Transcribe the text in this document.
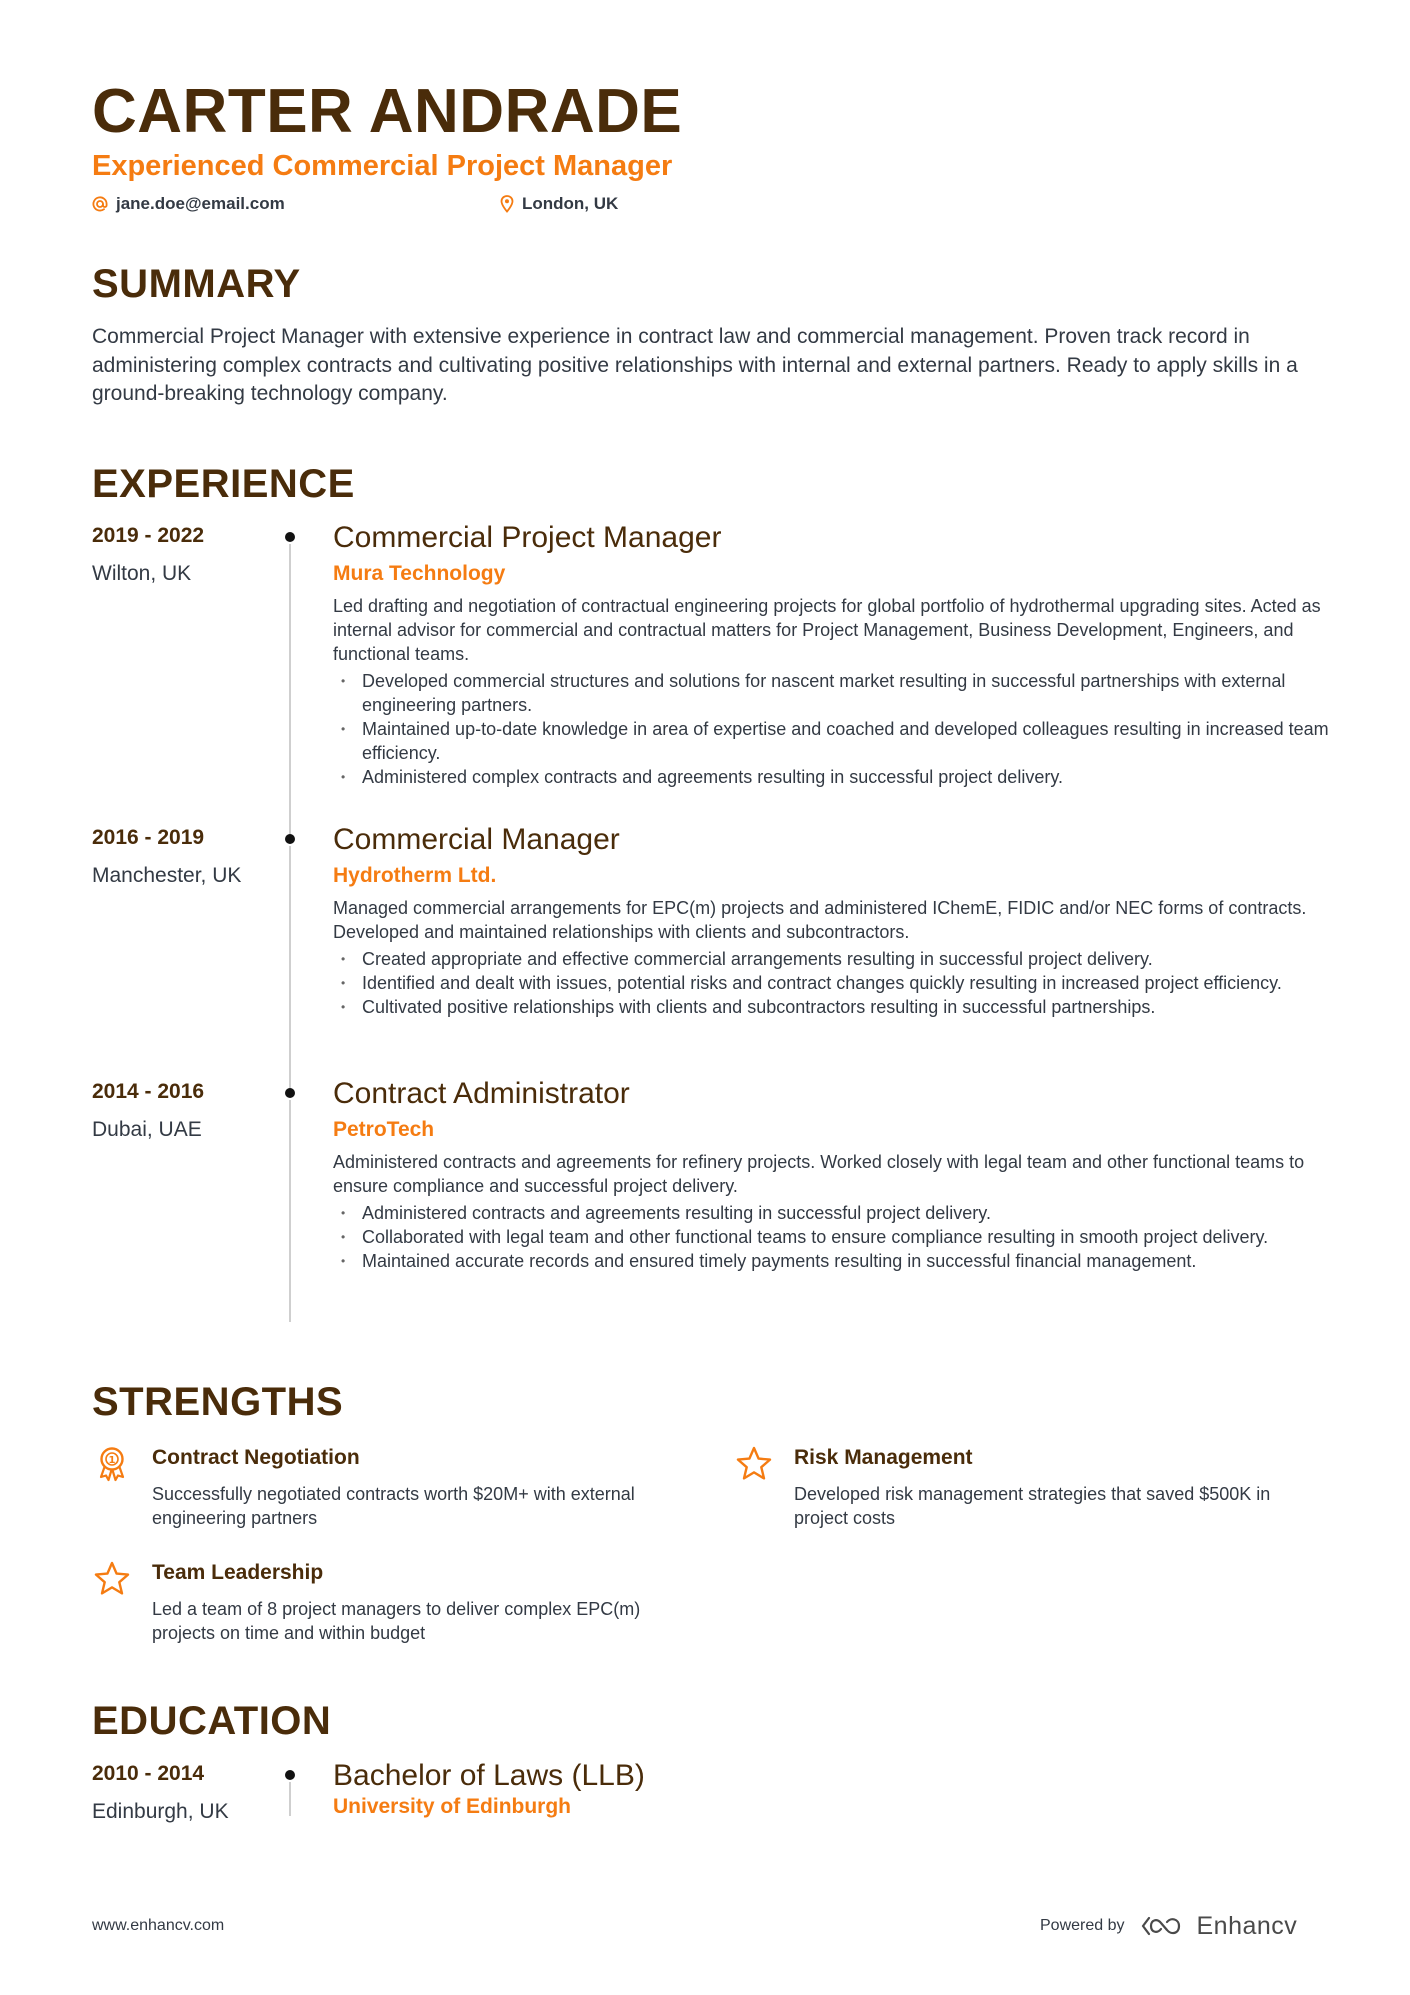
CARTER ANDRADE
Experienced Commercial Project Manager
jane.doe@email.com	London, UK
SUMMARY
Commercial Project Manager with extensive experience in contract law and commercial management. Proven track record in administering complex contracts and cultivating positive relationships with internal and external partners. Ready to apply skills in a ground-breaking technology company.
EXPERIENCE
2019 - 2022
Wilton, UK
Commercial Project Manager
Mura Technology
Led drafting and negotiation of contractual engineering projects for global portfolio of hydrothermal upgrading sites. Acted as internal advisor for commercial and contractual matters for Project Management, Business Development, Engineers, and functional teams.
• Developed commercial structures and solutions for nascent market resulting in successful partnerships with external engineering partners.
• Maintained up-to-date knowledge in area of expertise and coached and developed colleagues resulting in increased team efficiency.
• Administered complex contracts and agreements resulting in successful project delivery.
2016 - 2019
Manchester, UK
Commercial Manager
Hydrotherm Ltd.
Managed commercial arrangements for EPC(m) projects and administered IChemE, FIDIC and/or NEC forms of contracts. Developed and maintained relationships with clients and subcontractors.
• Created appropriate and effective commercial arrangements resulting in successful project delivery.
• Identified and dealt with issues, potential risks and contract changes quickly resulting in increased project efficiency.
• Cultivated positive relationships with clients and subcontractors resulting in successful partnerships.
2014 - 2016
Dubai, UAE
Contract Administrator
PetroTech
Administered contracts and agreements for refinery projects. Worked closely with legal team and other functional teams to ensure compliance and successful project delivery.
• Administered contracts and agreements resulting in successful project delivery.
• Collaborated with legal team and other functional teams to ensure compliance resulting in smooth project delivery.
• Maintained accurate records and ensured timely payments resulting in successful financial management.
STRENGTHS
1 Contract Negotiation
Successfully negotiated contracts worth $20M+ with external engineering partners
Risk Management
Developed risk management strategies that saved $500K in project costs
Team Leadership
Led a team of 8 project managers to deliver complex EPC(m) projects on time and within budget
EDUCATION
2010 - 2014
Edinburgh, UK
Bachelor of Laws (LLB)
University of Edinburgh
www.enhancv.com	Powered by	Enhancv
